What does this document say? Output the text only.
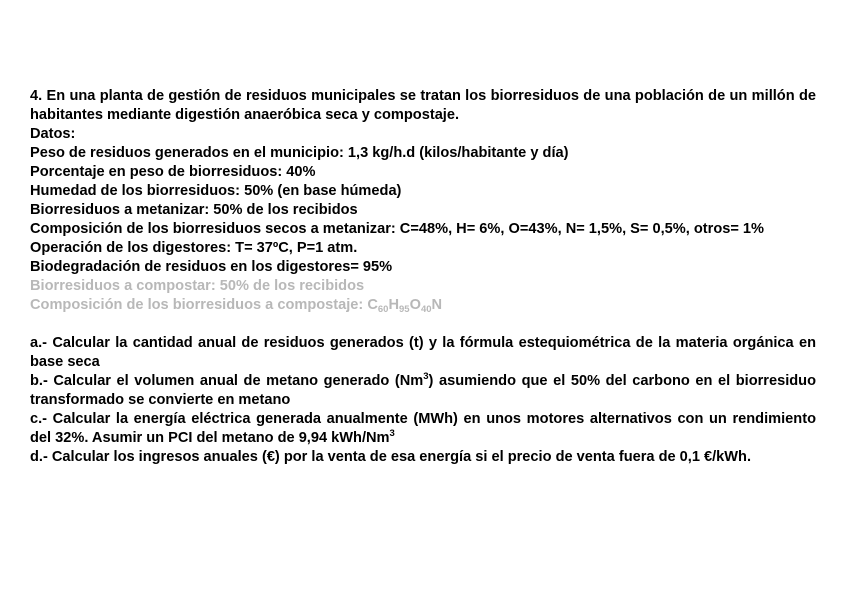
4. En una planta de gestión de residuos municipales se tratan los biorresiduos de una población de un millón de habitantes mediante digestión anaeróbica seca y compostaje.

Datos:

Peso de residuos generados en el municipio: 1,3 kg/h.d (kilos/habitante y día)

Porcentaje en peso de biorresiduos: 40%

Humedad de los biorresiduos: 50% (en base húmeda)

Biorresiduos a metanizar: 50% de los recibidos

Composición de los biorresiduos secos a metanizar: C=48%, H= 6%, O=43%, N= 1,5%, S= 0,5%, otros= 1%

Operación de los digestores: T= 37ºC, P=1 atm.

Biodegradación de residuos en los digestores= 95%

Biorresiduos a compostar: 50% de los recibidos

Composición de los biorresiduos a compostaje: $C_{60}H_{95}O_{40}N$

a.- Calcular la cantidad anual de residuos generados (t) y la fórmula estequiométrica de la materia orgánica en base seca

b.- Calcular el volumen anual de metano generado (Nm$^3$) asumiendo que el 50% del carbono en el biorresiduo transformado se convierte en metano

c.- Calcular la energía eléctrica generada anualmente (MWh) en unos motores alternativos con un rendimiento del 32%. Asumir un PCI del metano de 9,94 kWh/Nm$^3$

d.- Calcular los ingresos anuales (€) por la venta de esa energía si el precio de venta fuera de 0,1 €/kWh.
